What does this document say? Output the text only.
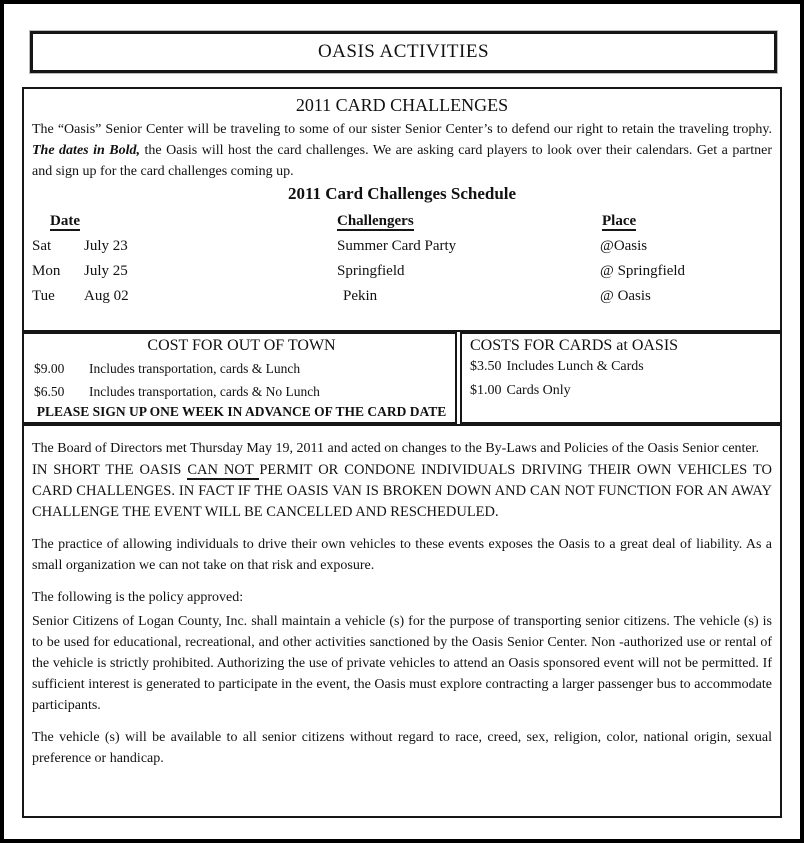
OASIS ACTIVITIES
2011 CARD CHALLENGES

The “Oasis” Senior Center will be traveling to some of our sister Senior Center’s to defend our right to retain the traveling trophy. The dates in Bold, the Oasis will host the card challenges. We are asking card players to look over their calendars. Get a partner and sign up for the card challenges coming up.

2011 Card Challenges Schedule
Date	Challengers	Place
Sat	July 23	Summer Card Party	@Oasis
Mon	July 25	Springfield	@ Springfield
Tue	Aug 02	Pekin	@ Oasis
COST FOR OUT OF TOWN
$9.00	Includes transportation, cards & Lunch
$6.50	Includes transportation, cards & No Lunch
PLEASE SIGN UP ONE WEEK IN ADVANCE OF THE CARD DATE
COSTS FOR CARDS at OASIS
$3.50 Includes Lunch & Cards
$1.00 Cards Only

The Board of Directors met Thursday May 19, 2011 and acted on changes to the By-Laws and Policies of the Oasis Senior center.

IN SHORT THE OASIS CAN NOT PERMIT OR CONDONE INDIVIDUALS DRIVING THEIR OWN VEHICLES TO CARD CHALLENGES. IN FACT IF THE OASIS VAN IS BROKEN DOWN AND CAN NOT FUNCTION FOR AN AWAY CHALLENGE THE EVENT WILL BE CANCELLED AND RESCHEDULED.

The practice of allowing individuals to drive their own vehicles to these events exposes the Oasis to a great deal of liability. As a small organization we can not take on that risk and exposure.

The following is the policy approved:

Senior Citizens of Logan County, Inc. shall maintain a vehicle (s) for the purpose of transporting senior citizens. The vehicle (s) is to be used for educational, recreational, and other activities sanctioned by the Oasis Senior Center. Non -authorized use or rental of the vehicle is strictly prohibited. Authorizing the use of private vehicles to attend an Oasis sponsored event will not be permitted. If sufficient interest is generated to participate in the event, the Oasis must explore contracting a larger passenger bus to accommodate participants.

The vehicle (s) will be available to all senior citizens without regard to race, creed, sex, religion, color, national origin, sexual preference or handicap.
